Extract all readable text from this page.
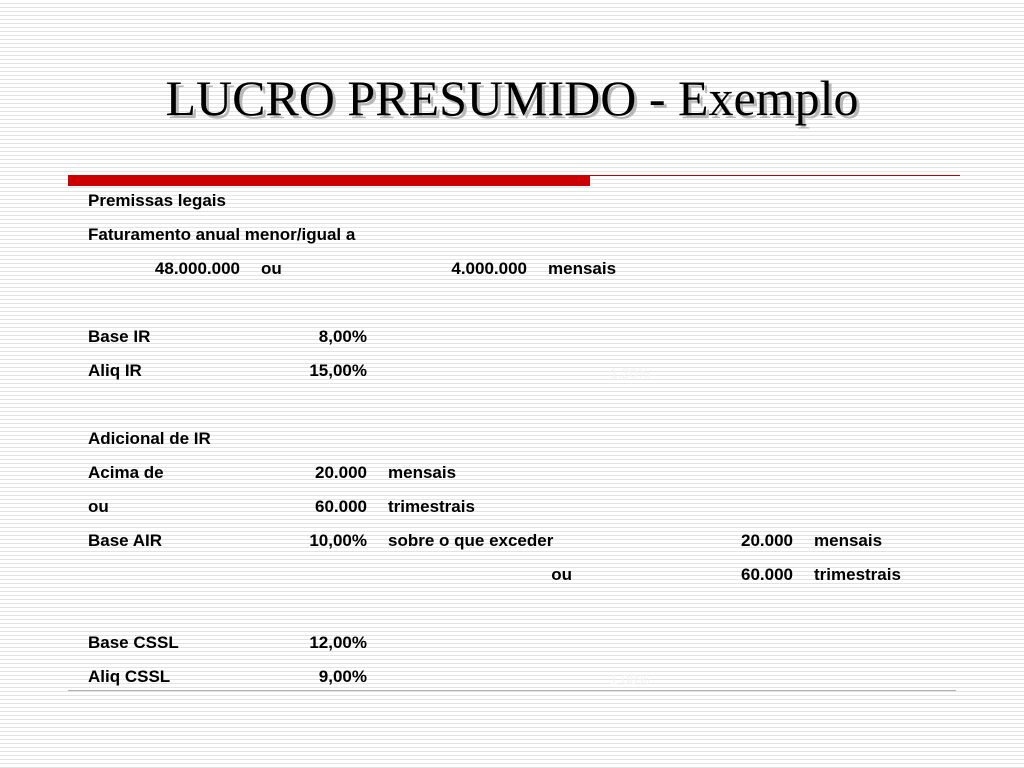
LUCRO PRESUMIDO - Exemplo
Premissas legais
Faturamento anual menor/igual a
48.000.000 ou	4.000.000 mensais
Base IR	8,00%
Aliq IR	15,00%	1,20%
Adicional de IR
Acima de	20.000 mensais
ou	60.000 trimestrais
Base AIR	10,00% sobre o que exceder	20.000 mensais
ou	60.000 trimestrais
Base CSSL	12,00%
Aliq CSSL	9,00%	1,08%
